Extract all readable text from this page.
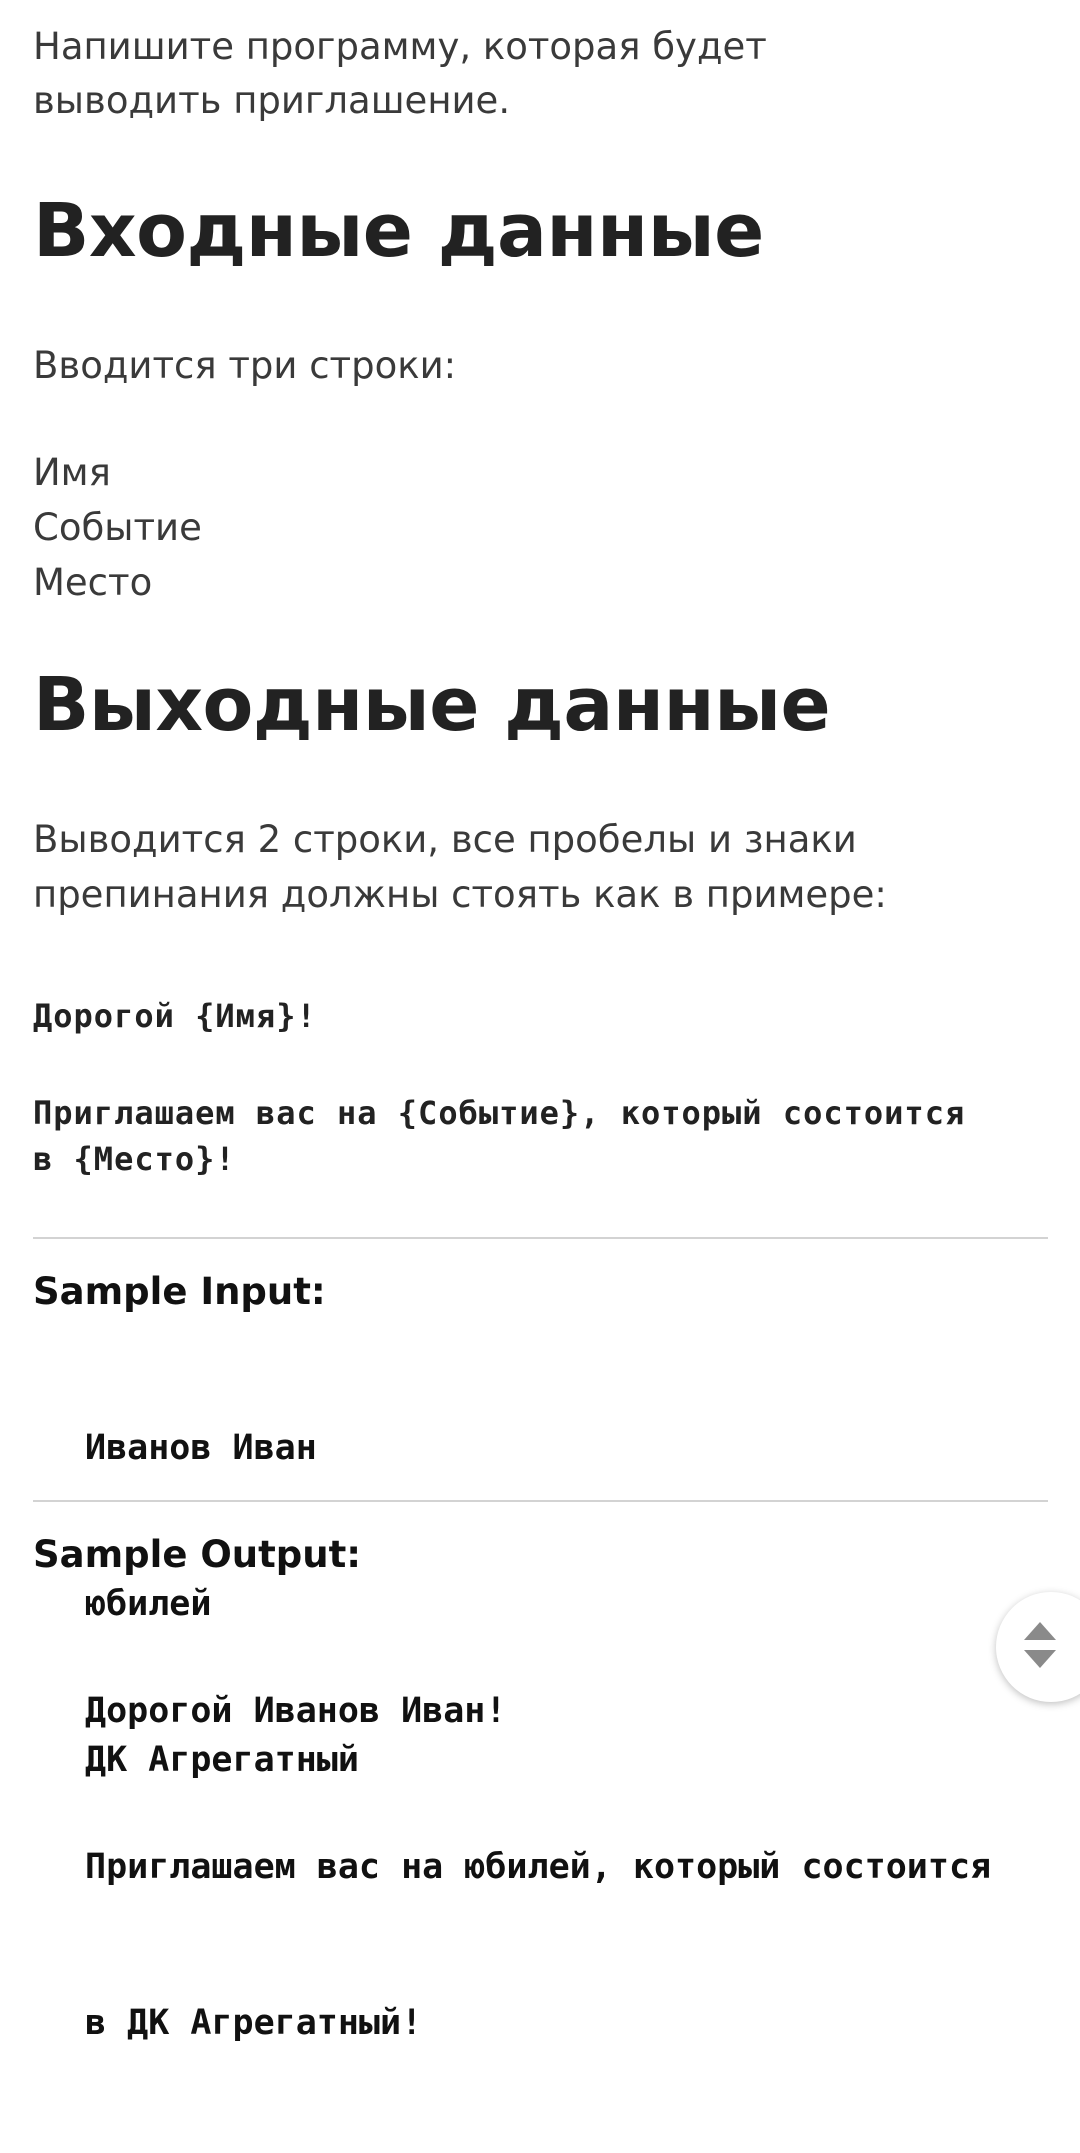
Напишите программу, которая будет
выводить приглашение.
Входные данные
Вводится три строки:
Имя
Событие
Место
Выходные данные
Выводится 2 строки, все пробелы и знаки
препинания должны стоять как в примере:
Дорогой {Имя}!
Приглашаем вас на {Событие}, который состоится
в {Место}!
Sample Input:

Иванов Иван

юбилей

ДК Агрегатный

Sample Output:

Дорогой Иванов Иван!

Приглашаем вас на юбилей, который состоится

в ДК Агрегатный!
